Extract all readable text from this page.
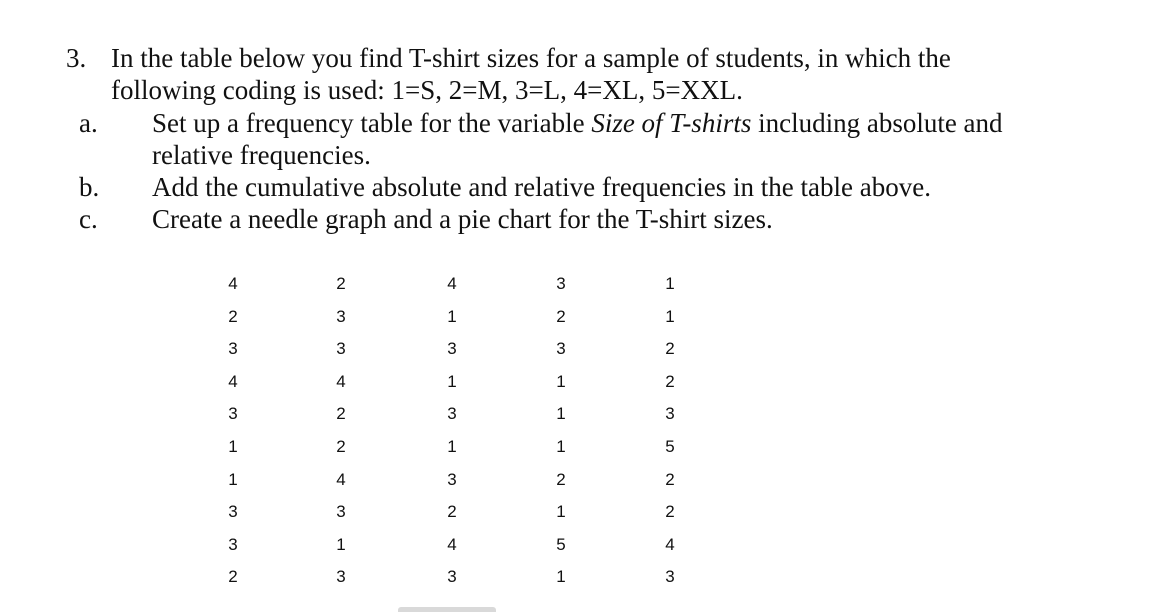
3. In the table below you find T-shirt sizes for a sample of students, in which the
following coding is used: 1=S, 2=M, 3=L, 4=XL, 5=XXL.
a. Set up a frequency table for the variable Size of T-shirts including absolute and
relative frequencies.
b. Add the cumulative absolute and relative frequencies in the table above.
c. Create a needle graph and a pie chart for the T-shirt sizes.
4
2
3
4
3
1
1
3
3
2
2
3
3
4
2
2
4
3
1
3
4
1
3
1
3
1
3
2
4
3
3
2
3
1
1
1
2
1
5
1
1
1
2
2
3
5
2
2
4
3
